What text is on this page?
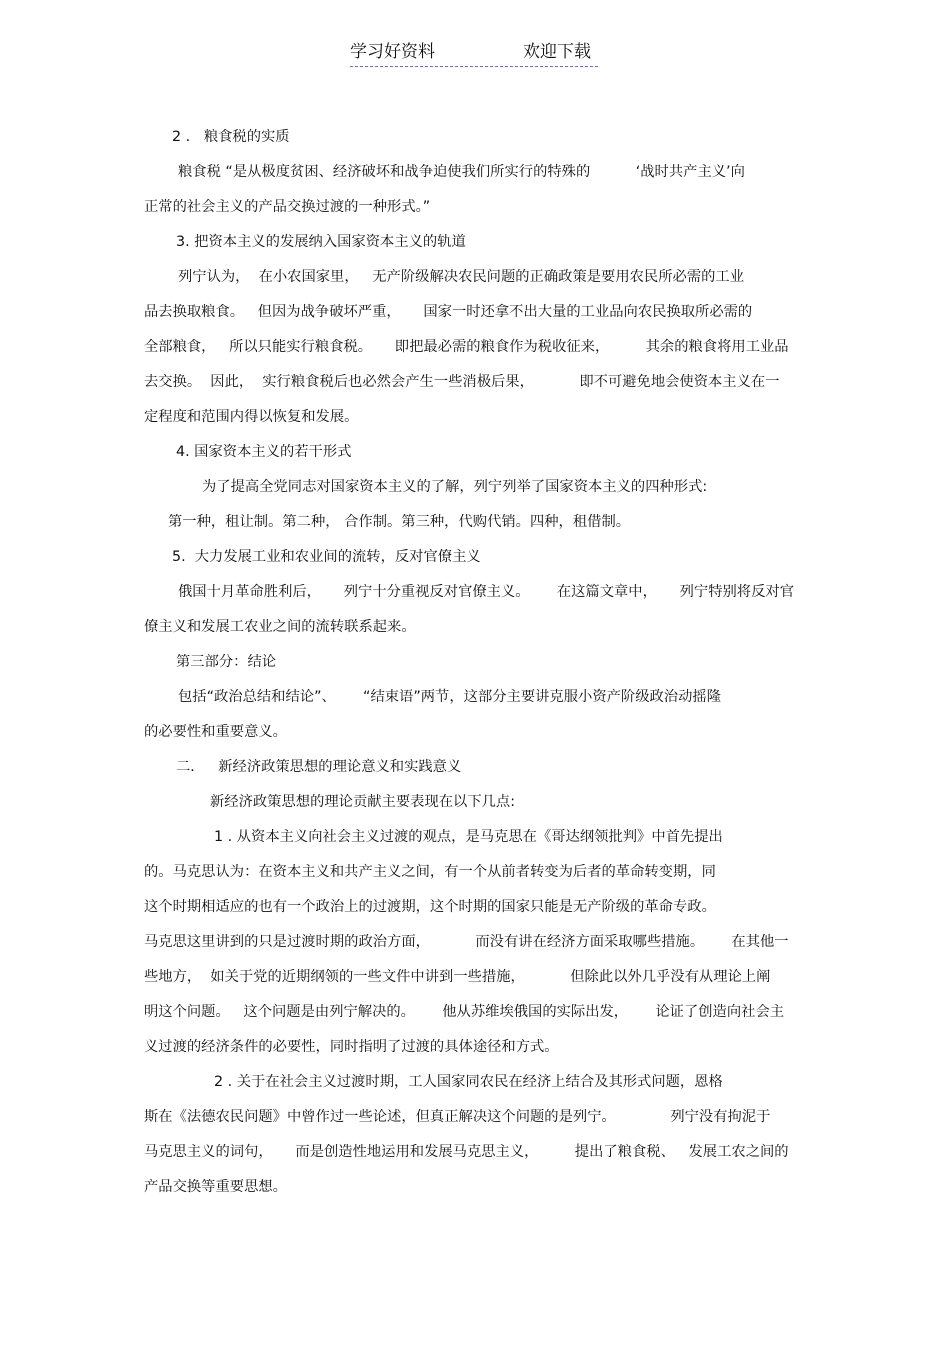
学习好资料	欢迎下载
2 .   粮食税的实质
粮食税 “是从极度贫困、经济破坏和战争迫使我们所实行的特殊的          ‘战时共产主义’向
正常的社会主义的产品交换过渡的一种形式。”
3. 把资本主义的发展纳入国家资本主义的轨道
列宁认为，  在小农国家里，   无产阶级解决农民问题的正确政策是要用农民所必需的工业
品去换取粮食。   但因为战争破坏严重，     国家一时还拿不出大量的工业品向农民换取所必需的
全部粮食，   所以只能实行粮食税。     即把最必需的粮食作为税收征来，        其余的粮食将用工业品
去交换。  因此，  实行粮食税后也必然会产生一些消极后果，          即不可避免地会使资本主义在一
定程度和范围内得以恢复和发展。
4. 国家资本主义的若干形式
为了提高全党同志对国家资本主义的了解，列宁列举了国家资本主义的四种形式:
第一种，租让制。第二种， 合作制。第三种，代购代销。四种，租借制。
5.  大力发展工业和农业间的流转，反对官僚主义
俄国十月革命胜利后，     列宁十分重视反对官僚主义。      在这篇文章中，     列宁特别将反对官
僚主义和发展工农业之间的流转联系起来。
第三部分：结论
包括“政治总结和结论”、      “结束语”两节，这部分主要讲克服小资产阶级政治动摇隆
的必要性和重要意义。
二．   新经济政策思想的理论意义和实践意义
新经济政策思想的理论贡献主要表现在以下几点:
1 . 从资本主义向社会主义过渡的观点，是马克思在《哥达纲领批判》中首先提出
的。马克思认为：在资本主义和共产主义之间，有一个从前者转变为后者的革命转变期，同
这个时期相适应的也有一个政治上的过渡期，这个时期的国家只能是无产阶级的革命专政。
马克思这里讲到的只是过渡时期的政治方面，          而没有讲在经济方面采取哪些措施。      在其他一
些地方，  如关于党的近期纲领的一些文件中讲到一些措施，          但除此以外几乎没有从理论上阐
明这个问题。   这个问题是由列宁解决的。      他从苏维埃俄国的实际出发，      论证了创造向社会主
义过渡的经济条件的必要性，同时指明了过渡的具体途径和方式。
2 . 关于在社会主义过渡时期，工人国家同农民在经济上结合及其形式问题，恩格
斯在《法德农民问题》中曾作过一些论述，但真正解决这个问题的是列宁。            列宁没有拘泥于
马克思主义的词句，     而是创造性地运用和发展马克思主义，        提出了粮食税、   发展工农之间的
产品交换等重要思想。
